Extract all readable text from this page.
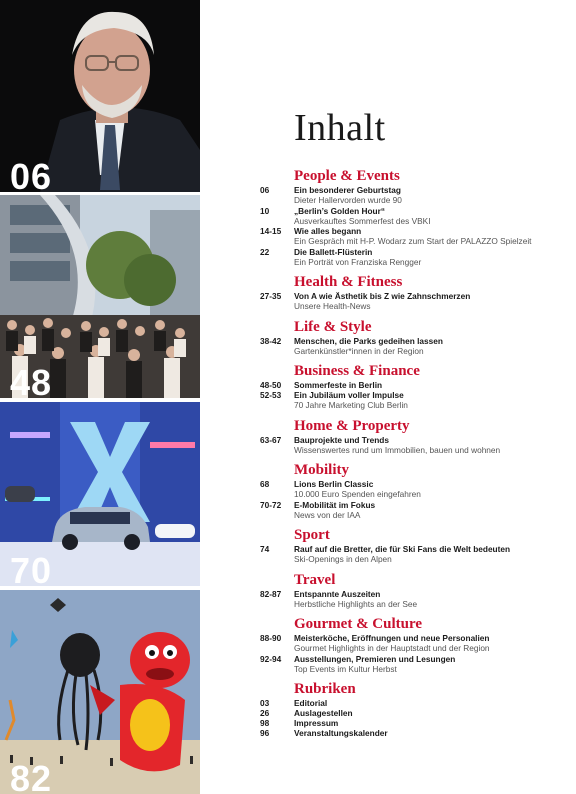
06
48
70
82
Inhalt
People & Events
06	Ein besonderer Geburtstag
Dieter Hallervorden wurde 90
10	„Berlin’s Golden Hour“
Ausverkauftes Sommerfest des VBKI
14-15	Wie alles begann
Ein Gespräch mit H-P. Wodarz zum Start der PALAZZO Spielzeit
22	Die Ballett-Flüsterin
Ein Porträt von Franziska Rengger
Health & Fitness
27-35	Von A wie Ästhetik bis Z wie Zahnschmerzen
Unsere Health-News
Life & Style
38-42	Menschen, die Parks gedeihen lassen
Gartenkünstler*innen in der Region
Business & Finance
48-50	Sommerfeste in Berlin
52-53	Ein Jubiläum voller Impulse
70 Jahre Marketing Club Berlin
Home & Property
63-67	Bauprojekte und Trends
Wissenswertes rund um Immobilien, bauen und wohnen
Mobility
68	Lions Berlin Classic
10.000 Euro Spenden eingefahren
70-72	E-Mobilität im Fokus
News von der IAA
Sport
74	Rauf auf die Bretter, die für Ski Fans die Welt bedeuten
Ski-Openings in den Alpen
Travel
82-87	Entspannte Auszeiten
Herbstliche Highlights an der See
Gourmet & Culture
88-90	Meisterköche, Eröffnungen und neue Personalien
Gourmet Highlights in der Hauptstadt und der Region
92-94	Ausstellungen, Premieren und Lesungen
Top Events im Kultur Herbst
Rubriken
03	Editorial
26	Auslagestellen
98	Impressum
96	Veranstaltungskalender
